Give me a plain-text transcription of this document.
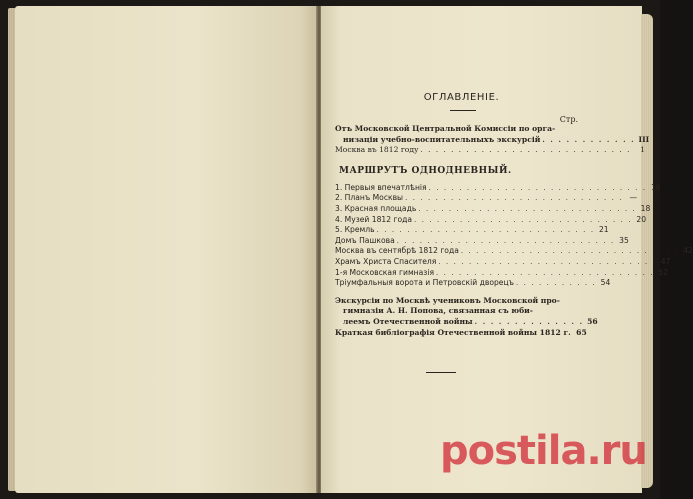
ОГЛАВЛЕНIЕ.
Стр.
Отъ Московской Центральной Комиссiи по орга-
низацiи учебно-воспитательныхъ экскурсiй . . . . . . . . . . . . III
Москва въ 1812 году . . . . . . . . . . . . . . . . . . . . . . . . . . . .	1
МАРШРУТЪ ОДНОДНЕВНЫЙ.
1. Первыя впечатлѣнiя . . . . . . . . . . . . . . . . . . . . . . . . . . . . . 16
2. Планъ Москвы . . . . . . . . . . . . . . . . . . . . . . . . . . . . . —
3. Красная площадь . . . . . . . . . . . . . . . . . . . . . . . . . . . . . 18
4. Музей 1812 года . . . . . . . . . . . . . . . . . . . . . . . . . . . . . 20
5. Кремль . . . . . . . . . . . . . . . . . . . . . . . . . . . . . 21
Домъ Пашкова . . . . . . . . . . . . . . . . . . . . . . . . . . . . . 35
Москва въ сентябрѣ 1812 года . . . . . . . . . . . . . . . . . . . . . . . . . . . . . 42
Храмъ Христа Спасителя . . . . . . . . . . . . . . . . . . . . . . . . . . . . . 47
1-я Московская гимназiя . . . . . . . . . . . . . . . . . . . . . . . . . . . . . 52
Трiумфальныя ворота и Петровскiй дворецъ . . . . . . . . . . . 54
Экскурсiи по Москвѣ учениковъ Московской про-
гимназiи А. Н. Попова, связанная съ юби-
леемъ Отечественной войны . . . . . . . . . . . . . . 56
Краткая библiографiя Отечественной войны 1812 г. 65
postila.ru
